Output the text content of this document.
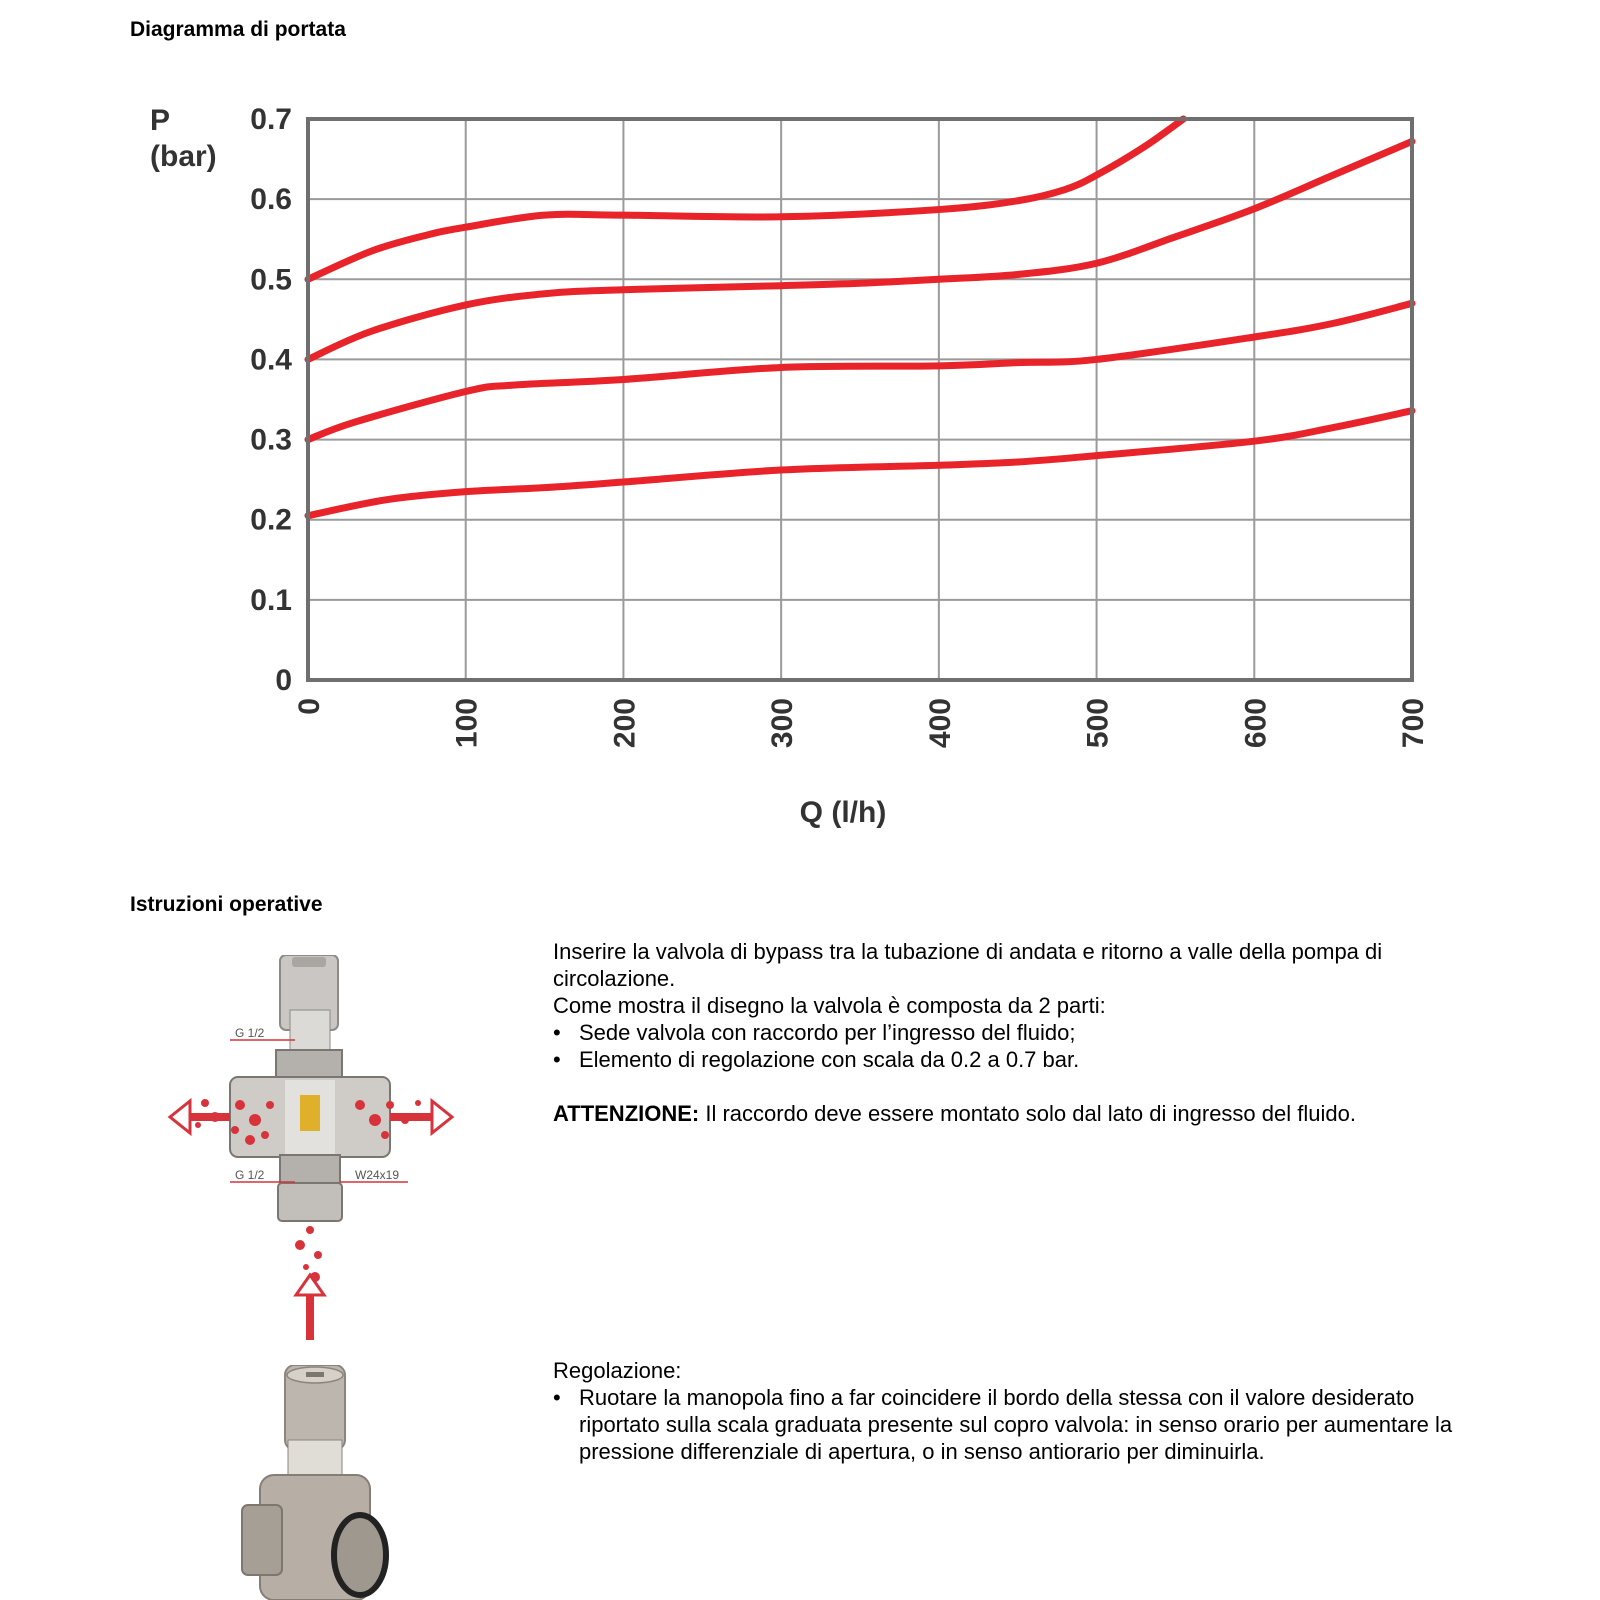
Diagramma di portata
0
0.1
0.2
0.3
0.4
0.5
0.6
0.7
0	100	200	300	400	500	600	700
P
(bar)
Q (l/h)
Istruzioni operative
G 1/2
G 1/2	W24x19

Inserire la valvola di bypass tra la tubazione di andata e ritorno a valle della pompa di circolazione.

Come mostra il disegno la valvola è composta da 2 parti:

• Sede valvola con raccordo per l’ingresso del fluido;
• Elemento di regolazione con scala da 0.2 a 0.7 bar.

ATTENZIONE: Il raccordo deve essere montato solo dal lato di ingresso del fluido.

Regolazione:

• Ruotare la manopola fino a far coincidere il bordo della stessa con il valore desiderato riportato sulla scala graduata presente sul copro valvola: in senso orario per aumentare la pressione differenziale di apertura, o in senso antiorario per diminuirla.
